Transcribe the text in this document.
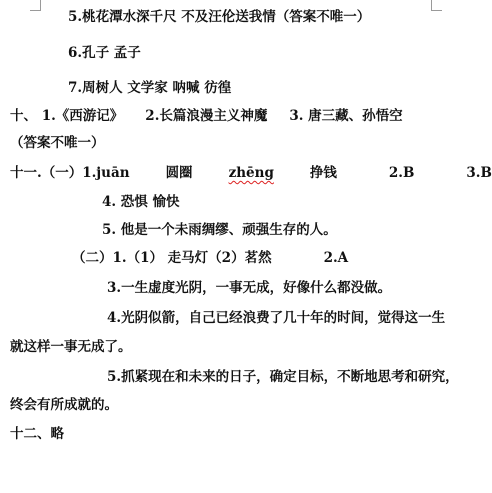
5.桃花潭水深千尺 不及汪伦送我情（答案不唯一）
6.孔子 孟子
7.周树人 文学家 呐喊 彷徨
十、 1.《西游记》 2.长篇浪漫主义神魔 3. 唐三藏、孙悟空
（答案不唯一）
十一.（一）1.juān	圆圈	zhēng	挣钱	2.B	3.B
4. 恐惧 愉快
5. 他是一个未雨绸缪、顽强生存的人。
（二）1.（1） 走马灯（2）茗然	2.A
3.一生虚度光阴，一事无成，好像什么都没做。
4.光阴似箭，自己已经浪费了几十年的时间，觉得这一生
就这样一事无成了。
5.抓紧现在和未来的日子，确定目标，不断地思考和研究，
终会有所成就的。
十二、略
